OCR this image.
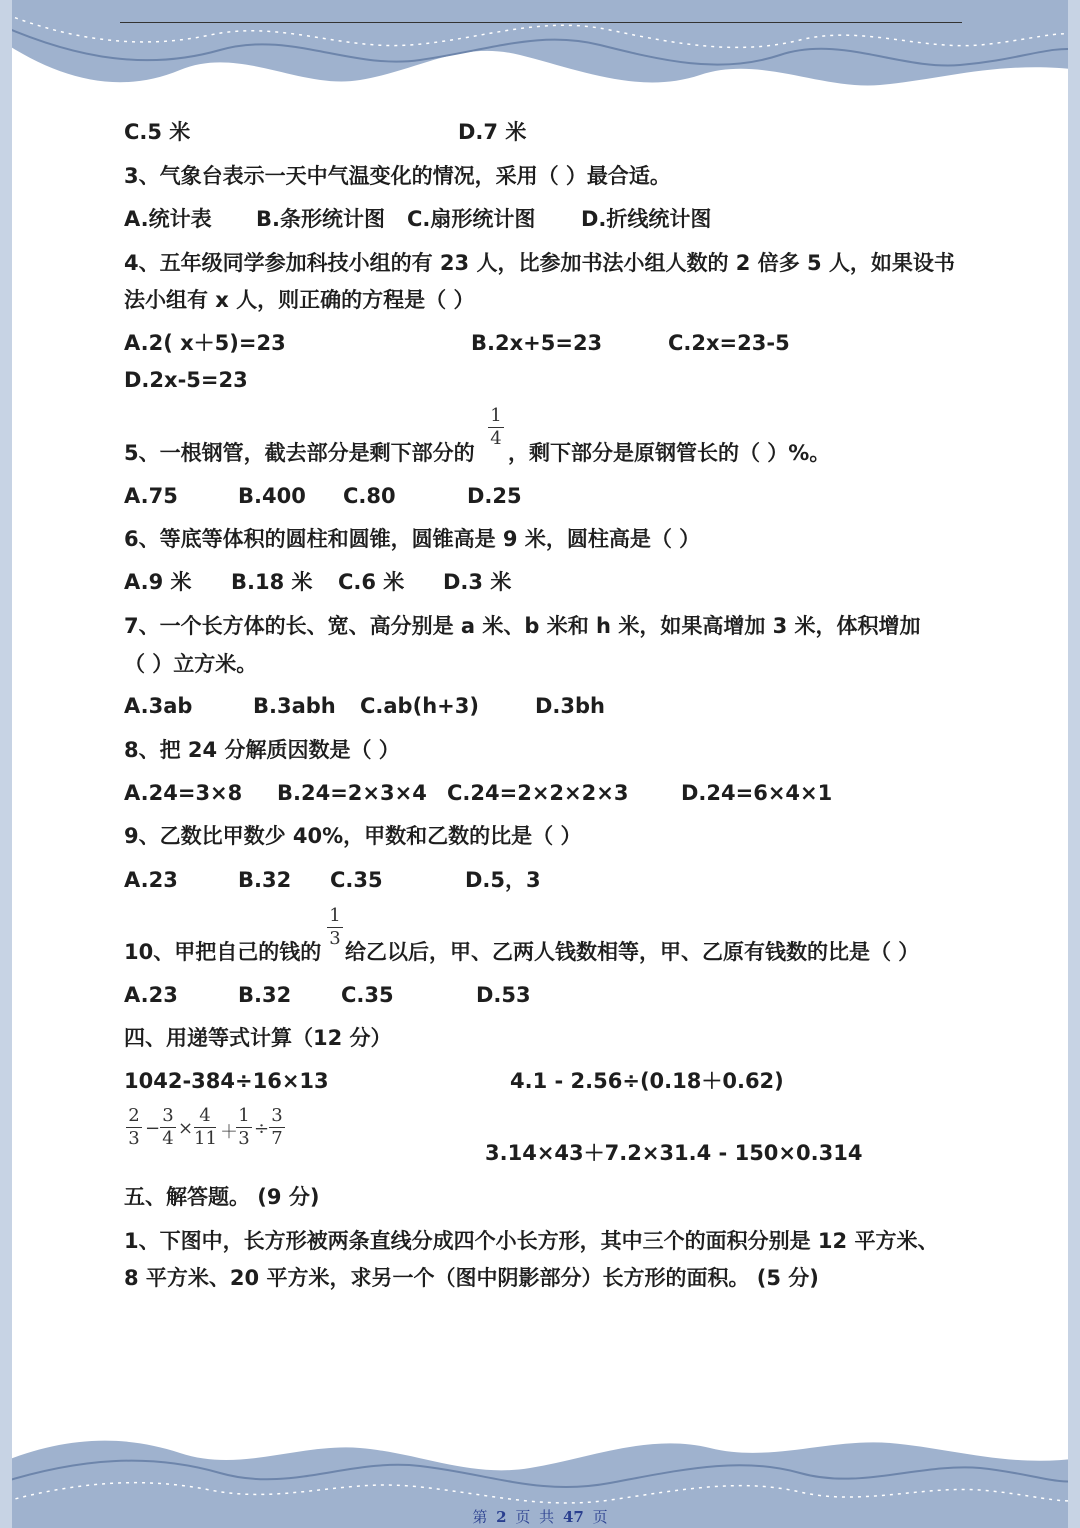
C.5 米	D.7 米
3、气象台表示一天中气温变化的情况，采用（ ）最合适。
A.统计表 B.条形统计图 C.扇形统计图 D.折线统计图
4、五年级同学参加科技小组的有 23 人，比参加书法小组人数的 2 倍多 5 人，如果设书
法小组有 x 人，则正确的方程是（ ）
A.2( x＋5)=23	B.2x+5=23	C.2x=23-5
D.2x-5=23
5、一根钢管，截去部分是剩下部分的
1
4
，剩下部分是原钢管长的（ ）%。
A.75	B.400 C.80	D.25
6、等底等体积的圆柱和圆锥，圆锥高是 9 米，圆柱高是（ ）
A.9 米 B.18 米 C.6 米 D.3 米
7、一个长方体的长、宽、高分别是 a 米、b 米和 h 米，如果高增加 3 米，体积增加
（ ）立方米。
A.3ab	B.3abh C.ab(h+3)	D.3bh
8、把 24 分解质因数是（ ）
A.24=3×8 B.24=2×3×4 C.24=2×2×2×3	D.24=6×4×1
9、乙数比甲数少 40%，甲数和乙数的比是（ ）
A.23	B.32 C.35	D.5，3
10、甲把自己的钱的
1
3
给乙以后，甲、乙两人钱数相等，甲、乙原有钱数的比是（ ）
A.23	B.32 C.35	D.53
四、用递等式计算（12 分）
1042-384÷16×13	4.1 - 2.56÷(0.18＋0.62)
2
3 −
3
4 ×
4
11 ＋
1
3 ÷
3
7
3.14×43＋7.2×31.4 - 150×0.314
五、解答题。 (9 分)
1、下图中，长方形被两条直线分成四个小长方形，其中三个的面积分别是 12 平方米、
8 平方米、20 平方米，求另一个（图中阴影部分）长方形的面积。 (5 分)
第 2 页 共 47 页
